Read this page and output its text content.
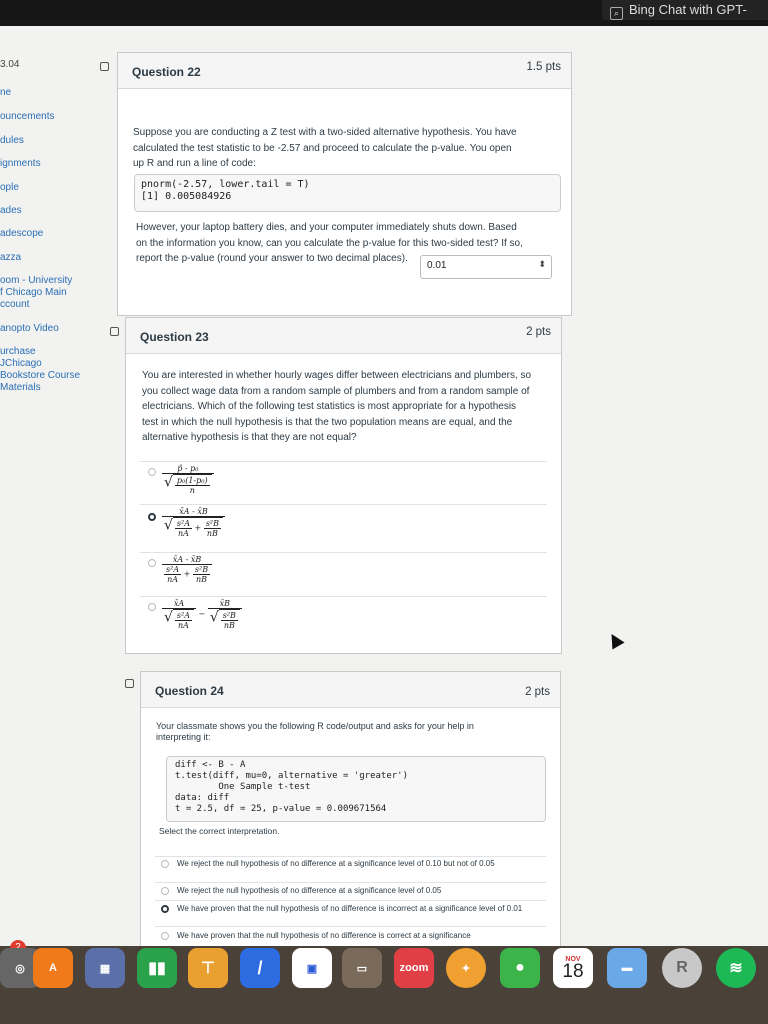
⌕ Bing Chat with GPT-
3.04
ne
ouncements
dules
ignments
ople
ades
adescope
azza
oom - University
f Chicago Main
ccount
anopto Video
urchase
JChicago
Bookstore Course
Materials
Question 22	1.5 pts
Suppose you are conducting a Z test with a two-sided alternative hypothesis. You have
calculated the test statistic to be -2.57 and proceed to calculate the p-value. You open
up R and run a line of code:
pnorm(-2.57, lower.tail = T)
[1] 0.005084926
However, your laptop battery dies, and your computer immediately shuts down. Based
on the information you know, can you calculate the p-value for this two-sided test? If so,
report the p-value (round your answer to two decimal places).
0.01	⬍
Question 23	2 pts
You are interested in whether hourly wages differ between electricians and plumbers, so
you collect wage data from a random sample of plumbers and from a random sample of
electricians. Which of the following test statistics is most appropriate for a hypothesis
test in which the null hypothesis is that the two population means are equal, and the
alternative hypothesis is that they are not equal?
$\frac{\text{p̂ - p₀}}{√ \frac{\text{p₀(1-p₀)}}{n}}$
$\frac{x̄A - x̄B}{√ \frac{\text{s²A}}{nA} + \frac{\text{s²B}}{nB}}$
$\frac{x̄A - x̄B}{\frac{\text{s²A}}{nA} + \frac{\text{s²B}}{nB}}$
$\frac{x̄A}{√ \frac{\text{s²A}}{nA}} - \frac{x̄B}{√ \frac{\text{s²B}}{nB}}$
Question 24	2 pts
Your classmate shows you the following R code/output and asks for your help in
interpreting it:
diff <- B - A
t.test(diff, mu=0, alternative = 'greater')
One Sample t-test
data: diff
t = 2.5, df = 25, p-value = 0.009671564
Select the correct interpretation.
We reject the null hypothesis of no difference at a significance level of 0.10 but not of 0.05
We reject the null hypothesis of no difference at a significance level of 0.05
We have proven that the null hypothesis of no difference is incorrect at a significance level of 0.01
We have proven that the null hypothesis of no difference is correct at a significance
◎	A	▦	▮▮	⊤	/	▣	▭	zoom	✦	●	NOV
18	▬	R	≋
